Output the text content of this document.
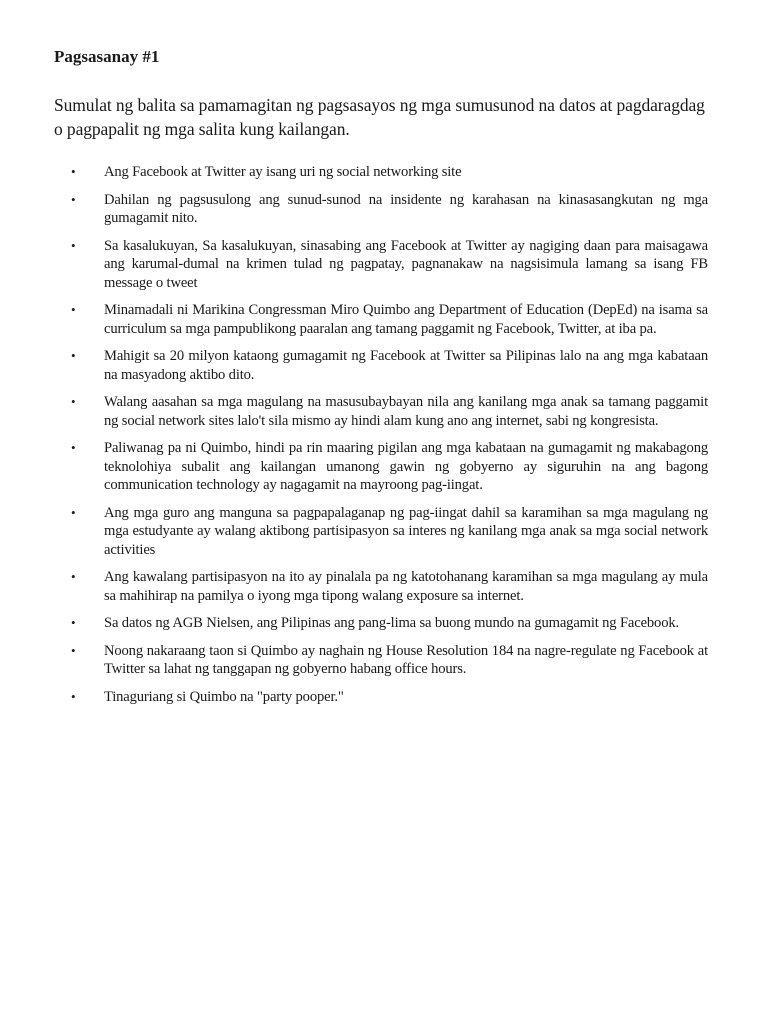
Pagsasanay #1
Sumulat ng balita sa pamamagitan ng pagsasayos ng mga sumusunod na datos at pagdaragdag o pagpapalit ng mga salita kung kailangan.
• Ang Facebook at Twitter ay isang uri ng social networking site
• Dahilan ng pagsusulong ang sunud-sunod na insidente ng karahasan na kinasasangkutan ng mga gumagamit nito.
• Sa kasalukuyan, Sa kasalukuyan, sinasabing ang Facebook at Twitter ay nagiging daan para maisagawa ang karumal-dumal na krimen tulad ng pagpatay, pagnanakaw na nagsisimula lamang sa isang FB message o tweet
• Minamadali ni Marikina Congressman Miro Quimbo ang Department of Education (DepEd) na isama sa curriculum sa mga pampublikong paaralan ang tamang paggamit ng Facebook, Twitter, at iba pa.
• Mahigit sa 20 milyon kataong gumagamit ng Facebook at Twitter sa Pilipinas lalo na ang mga kabataan na masyadong aktibo dito.
• Walang aasahan sa mga magulang na masusubaybayan nila ang kanilang mga anak sa tamang paggamit ng social network sites lalo't sila mismo ay hindi alam kung ano ang internet, sabi ng kongresista.
• Paliwanag pa ni Quimbo, hindi pa rin maaring pigilan ang mga kabataan na gumagamit ng makabagong teknolohiya subalit ang kailangan umanong gawin ng gobyerno ay siguruhin na ang bagong communication technology ay nagagamit na mayroong pag-iingat.
• Ang mga guro ang manguna sa pagpapalaganap ng pag-iingat dahil sa karamihan sa mga magulang ng mga estudyante ay walang aktibong partisipasyon sa interes ng kanilang mga anak sa mga social network activities
• Ang kawalang partisipasyon na ito ay pinalala pa ng katotohanang karamihan sa mga magulang ay mula sa mahihirap na pamilya o iyong mga tipong walang exposure sa internet.
• Sa datos ng AGB Nielsen, ang Pilipinas ang pang-lima sa buong mundo na gumagamit ng Facebook.
• Noong nakaraang taon si Quimbo ay naghain ng House Resolution 184 na nagre-regulate ng Facebook at Twitter sa lahat ng tanggapan ng gobyerno habang office hours.
• Tinaguriang si Quimbo na "party pooper."
